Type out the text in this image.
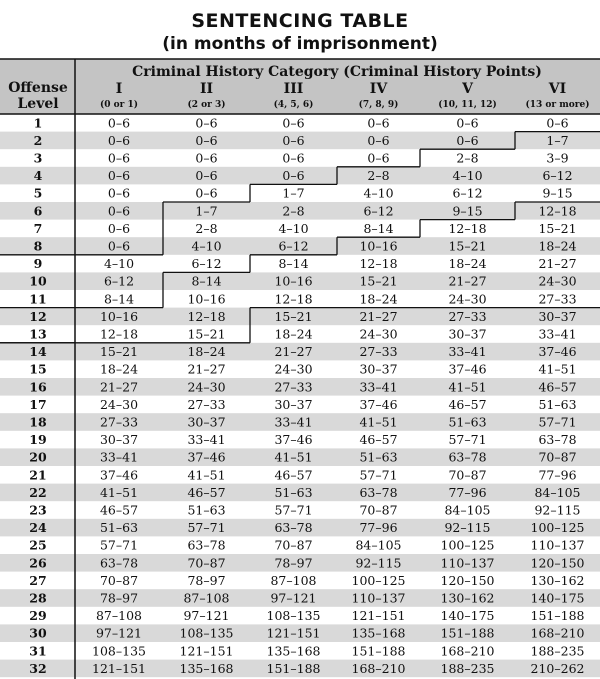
SENTENCING TABLE
(in months of imprisonment)
Offense
Level
Criminal History Category (Criminal History Points)
I
(0 or 1)
II
(2 or 3)
III
(4, 5, 6)
IV
(7, 8, 9)
V
(10, 11, 12)
VI
(13 or more)
1	0–6	0–6	0–6	0–6	0–6	0–6
2	0–6	0–6	0–6	0–6	0–6	1–7
3	0–6	0–6	0–6	0–6	2–8	3–9
4	0–6	0–6	0–6	2–8	4–10	6–12
5	0–6	0–6	1–7	4–10	6–12	9–15
6	0–6	1–7	2–8	6–12	9–15	12–18
7	0–6	2–8	4–10	8–14	12–18	15–21
8	0–6	4–10	6–12	10–16	15–21	18–24
9	4–10	6–12	8–14	12–18	18–24	21–27
10	6–12	8–14	10–16	15–21	21–27	24–30
11	8–14	10–16	12–18	18–24	24–30	27–33
12	10–16	12–18	15–21	21–27	27–33	30–37
13	12–18	15–21	18–24	24–30	30–37	33–41
14	15–21	18–24	21–27	27–33	33–41	37–46
15	18–24	21–27	24–30	30–37	37–46	41–51
16	21–27	24–30	27–33	33–41	41–51	46–57
17	24–30	27–33	30–37	37–46	46–57	51–63
18	27–33	30–37	33–41	41–51	51–63	57–71
19	30–37	33–41	37–46	46–57	57–71	63–78
20	33–41	37–46	41–51	51–63	63–78	70–87
21	37–46	41–51	46–57	57–71	70–87	77–96
22	41–51	46–57	51–63	63–78	77–96	84–105
23	46–57	51–63	57–71	70–87	84–105	92–115
24	51–63	57–71	63–78	77–96	92–115	100–125
25	57–71	63–78	70–87	84–105	100–125	110–137
26	63–78	70–87	78–97	92–115	110–137	120–150
27	70–87	78–97	87–108	100–125	120–150	130–162
28	78–97	87–108	97–121	110–137	130–162	140–175
29	87–108	97–121	108–135 121–151	140–175	151–188
30	97–121	108–135	121–151 135–168	151–188	168–210
31	108–135	121–151	135–168 151–188	168–210	188–235
32	121–151	135–168	151–188 168–210	188–235	210–262
